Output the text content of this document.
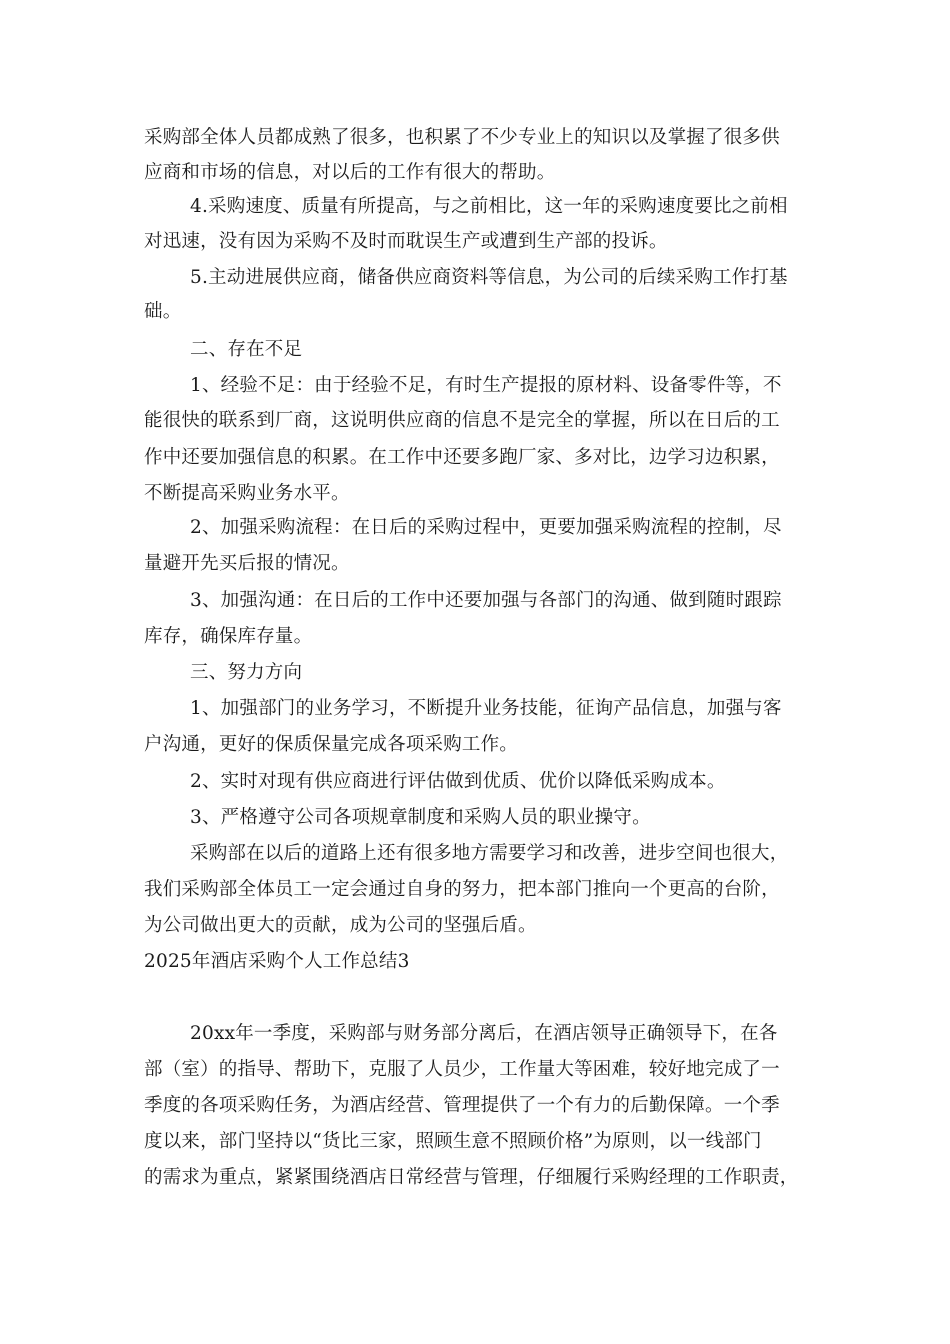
采购部全体人员都成熟了很多，也积累了不少专业上的知识以及掌握了很多供
应商和市场的信息，对以后的工作有很大的帮助。
4.采购速度、质量有所提高，与之前相比，这一年的采购速度要比之前相
对迅速，没有因为采购不及时而耽误生产或遭到生产部的投诉。
5.主动进展供应商，储备供应商资料等信息，为公司的后续采购工作打基
础。
二、存在不足
1、经验不足：由于经验不足，有时生产提报的原材料、设备零件等，不
能很快的联系到厂商，这说明供应商的信息不是完全的掌握，所以在日后的工
作中还要加强信息的积累。在工作中还要多跑厂家、多对比，边学习边积累，
不断提高采购业务水平。
2、加强采购流程：在日后的采购过程中，更要加强采购流程的控制，尽
量避开先买后报的情况。
3、加强沟通：在日后的工作中还要加强与各部门的沟通、做到随时跟踪
库存，确保库存量。
三、努力方向
1、加强部门的业务学习，不断提升业务技能，征询产品信息，加强与客
户沟通，更好的保质保量完成各项采购工作。
2、实时对现有供应商进行评估做到优质、优价以降低采购成本。
3、严格遵守公司各项规章制度和采购人员的职业操守。
采购部在以后的道路上还有很多地方需要学习和改善，进步空间也很大，
我们采购部全体员工一定会通过自身的努力，把本部门推向一个更高的台阶，
为公司做出更大的贡献，成为公司的坚强后盾。
2025年酒店采购个人工作总结3
20xx年一季度，采购部与财务部分离后，在酒店领导正确领导下，在各
部（室）的指导、帮助下，克服了人员少，工作量大等困难，较好地完成了一
季度的各项采购任务，为酒店经营、管理提供了一个有力的后勤保障。一个季
度以来，部门坚持以“货比三家，照顾生意不照顾价格”为原则，以一线部门
的需求为重点，紧紧围绕酒店日常经营与管理，仔细履行采购经理的工作职责，
